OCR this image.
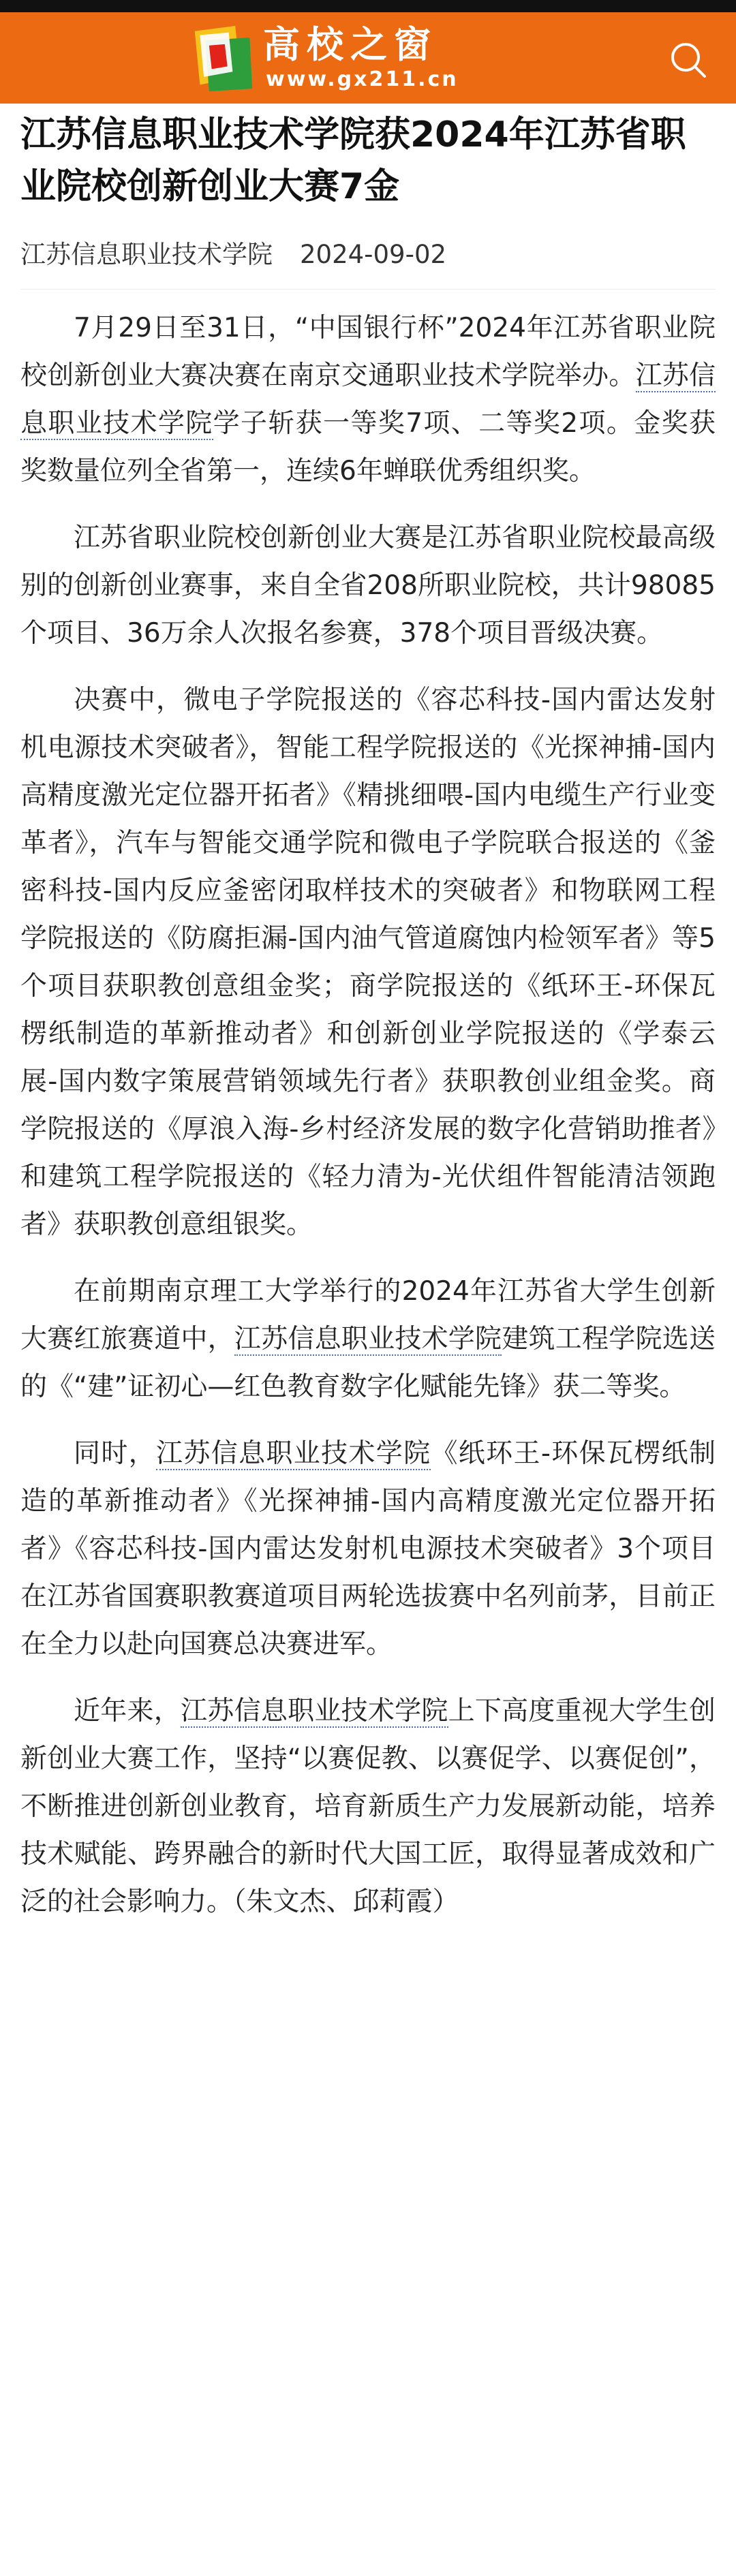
高校之窗
www.gx211.cn
江苏信息职业技术学院获2024年江苏省职业院校创新创业大赛7金
江苏信息职业技术学院 2024-09-02

7月29日至31日，“中国银行杯”2024年江苏省职业院校创新创业大赛决赛在南京交通职业技术学院举办。江苏信息职业技术学院学子斩获一等奖7项、二等奖2项。金奖获奖数量位列全省第一，连续6年蝉联优秀组织奖。

江苏省职业院校创新创业大赛是江苏省职业院校最高级别的创新创业赛事，来自全省208所职业院校，共计98085个项目、36万余人次报名参赛，378个项目晋级决赛。

决赛中，微电子学院报送的《容芯科技-国内雷达发射机电源技术突破者》，智能工程学院报送的《光探神捕-国内高精度激光定位器开拓者》《精挑细喂-国内电缆生产行业变革者》，汽车与智能交通学院和微电子学院联合报送的《釜密科技-国内反应釜密闭取样技术的突破者》和物联网工程学院报送的《防腐拒漏-国内油气管道腐蚀内检领军者》等5个项目获职教创意组金奖；商学院报送的《纸环王-环保瓦楞纸制造的革新推动者》和创新创业学院报送的《学泰云展-国内数字策展营销领域先行者》获职教创业组金奖。商学院报送的《厚浪入海-乡村经济发展的数字化营销助推者》和建筑工程学院报送的《轻力清为-光伏组件智能清洁领跑者》获职教创意组银奖。

在前期南京理工大学举行的2024年江苏省大学生创新大赛红旅赛道中，江苏信息职业技术学院建筑工程学院选送的《“建”证初心—红色教育数字化赋能先锋》获二等奖。

同时，江苏信息职业技术学院《纸环王-环保瓦楞纸制造的革新推动者》《光探神捕-国内高精度激光定位器开拓者》《容芯科技-国内雷达发射机电源技术突破者》3个项目在江苏省国赛职教赛道项目两轮选拔赛中名列前茅，目前正在全力以赴向国赛总决赛进军。

近年来，江苏信息职业技术学院上下高度重视大学生创新创业大赛工作，坚持“以赛促教、以赛促学、以赛促创”，不断推进创新创业教育，培育新质生产力发展新动能，培养技术赋能、跨界融合的新时代大国工匠，取得显著成效和广泛的社会影响力。（朱文杰、邱莉霞）
